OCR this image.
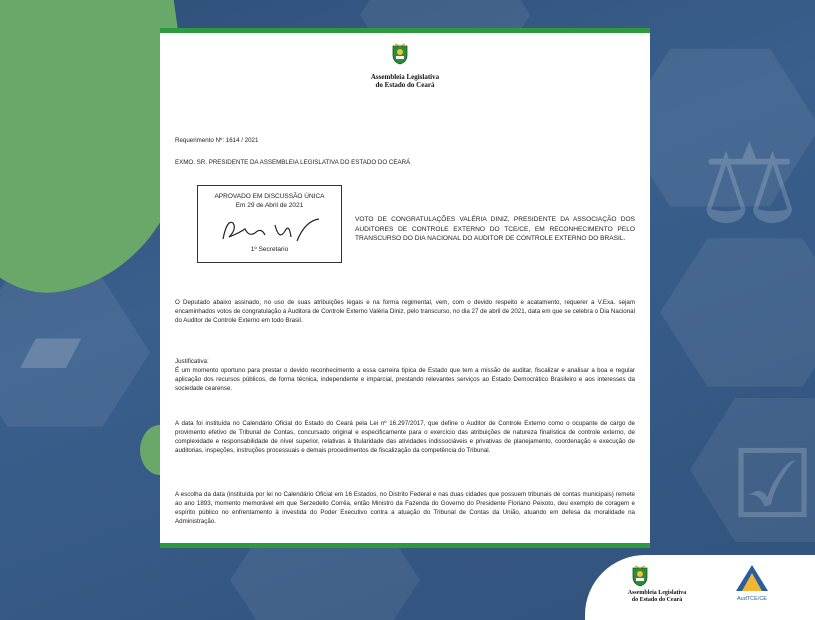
⚖
☑
▰
Assembleia Legislativa
do Estado do Ceará

Requerimento Nº: 1614 / 2021

EXMO. SR. PRESIDENTE DA ASSEMBLEIA LEGISLATIVA DO ESTADO DO CEARÁ

APROVADO EM DISCUSSÃO ÚNICA
Em 29 de Abril de 2021
1º Secretario
VOTO DE CONGRATULAÇÕES VALÉRIA DINIZ, PRESIDENTE DA ASSOCIAÇÃO DOS AUDITORES DE CONTROLE EXTERNO DO TCE/CE, EM RECONHECIMENTO PELO TRANSCURSO DO DIA NACIONAL DO AUDITOR DE CONTROLE EXTERNO DO BRASIL.

O Deputado abaixo assinado, no uso de suas atribuições legais e na forma regimental, vem, com o devido respeito e acatamento, requerer a V.Exa. sejam encaminhados votos de congratulação a Auditora de Controle Externo Valéria Diniz, pelo transcurso, no dia 27 de abril de 2021, data em que se celebra o Dia Nacional do Auditor de Controle Externo em todo Brasil.

Justificativa:

É um momento oportuno para prestar o devido reconhecimento a essa carreira típica de Estado que tem a missão de auditar, fiscalizar e analisar a boa e regular aplicação dos recursos públicos, de forma técnica, independente e imparcial, prestando relevantes serviços ao Estado Democrático Brasileiro e aos interesses da sociedade cearense.

A data foi instituída no Calendário Oficial do Estado do Ceará pela Lei nº 16.297/2017, que define o Auditor de Controle Externo como o ocupante de cargo de provimento efetivo de Tribunal de Contas, concursado original e especificamente para o exercício das atribuições de natureza finalística de controle externo, de complexidade e responsabilidade de nível superior, relativas à titularidade das atividades indissociáveis e privativas de planejamento, coordenação e execução de auditorias, inspeções, instruções processuais e demais procedimentos de fiscalização da competência do Tribunal.

A escolha da data (instituída por lei no Calendário Oficial em 16 Estados, no Distrito Federal e nas duas cidades que possuem tribunais de contas municipais) remete ao ano 1893, momento memorável em que Serzedello Corrêa, então Ministro da Fazenda do Governo do Presidente Floriano Peixoto, deu exemplo de coragem e espírito público no enfrentamento à investida do Poder Executivo contra a atuação do Tribunal de Contas da União, atuando em defesa da moralidade na Administração.

Assembleia Legislativa
do Estado do Ceará	AudTCE/CE
